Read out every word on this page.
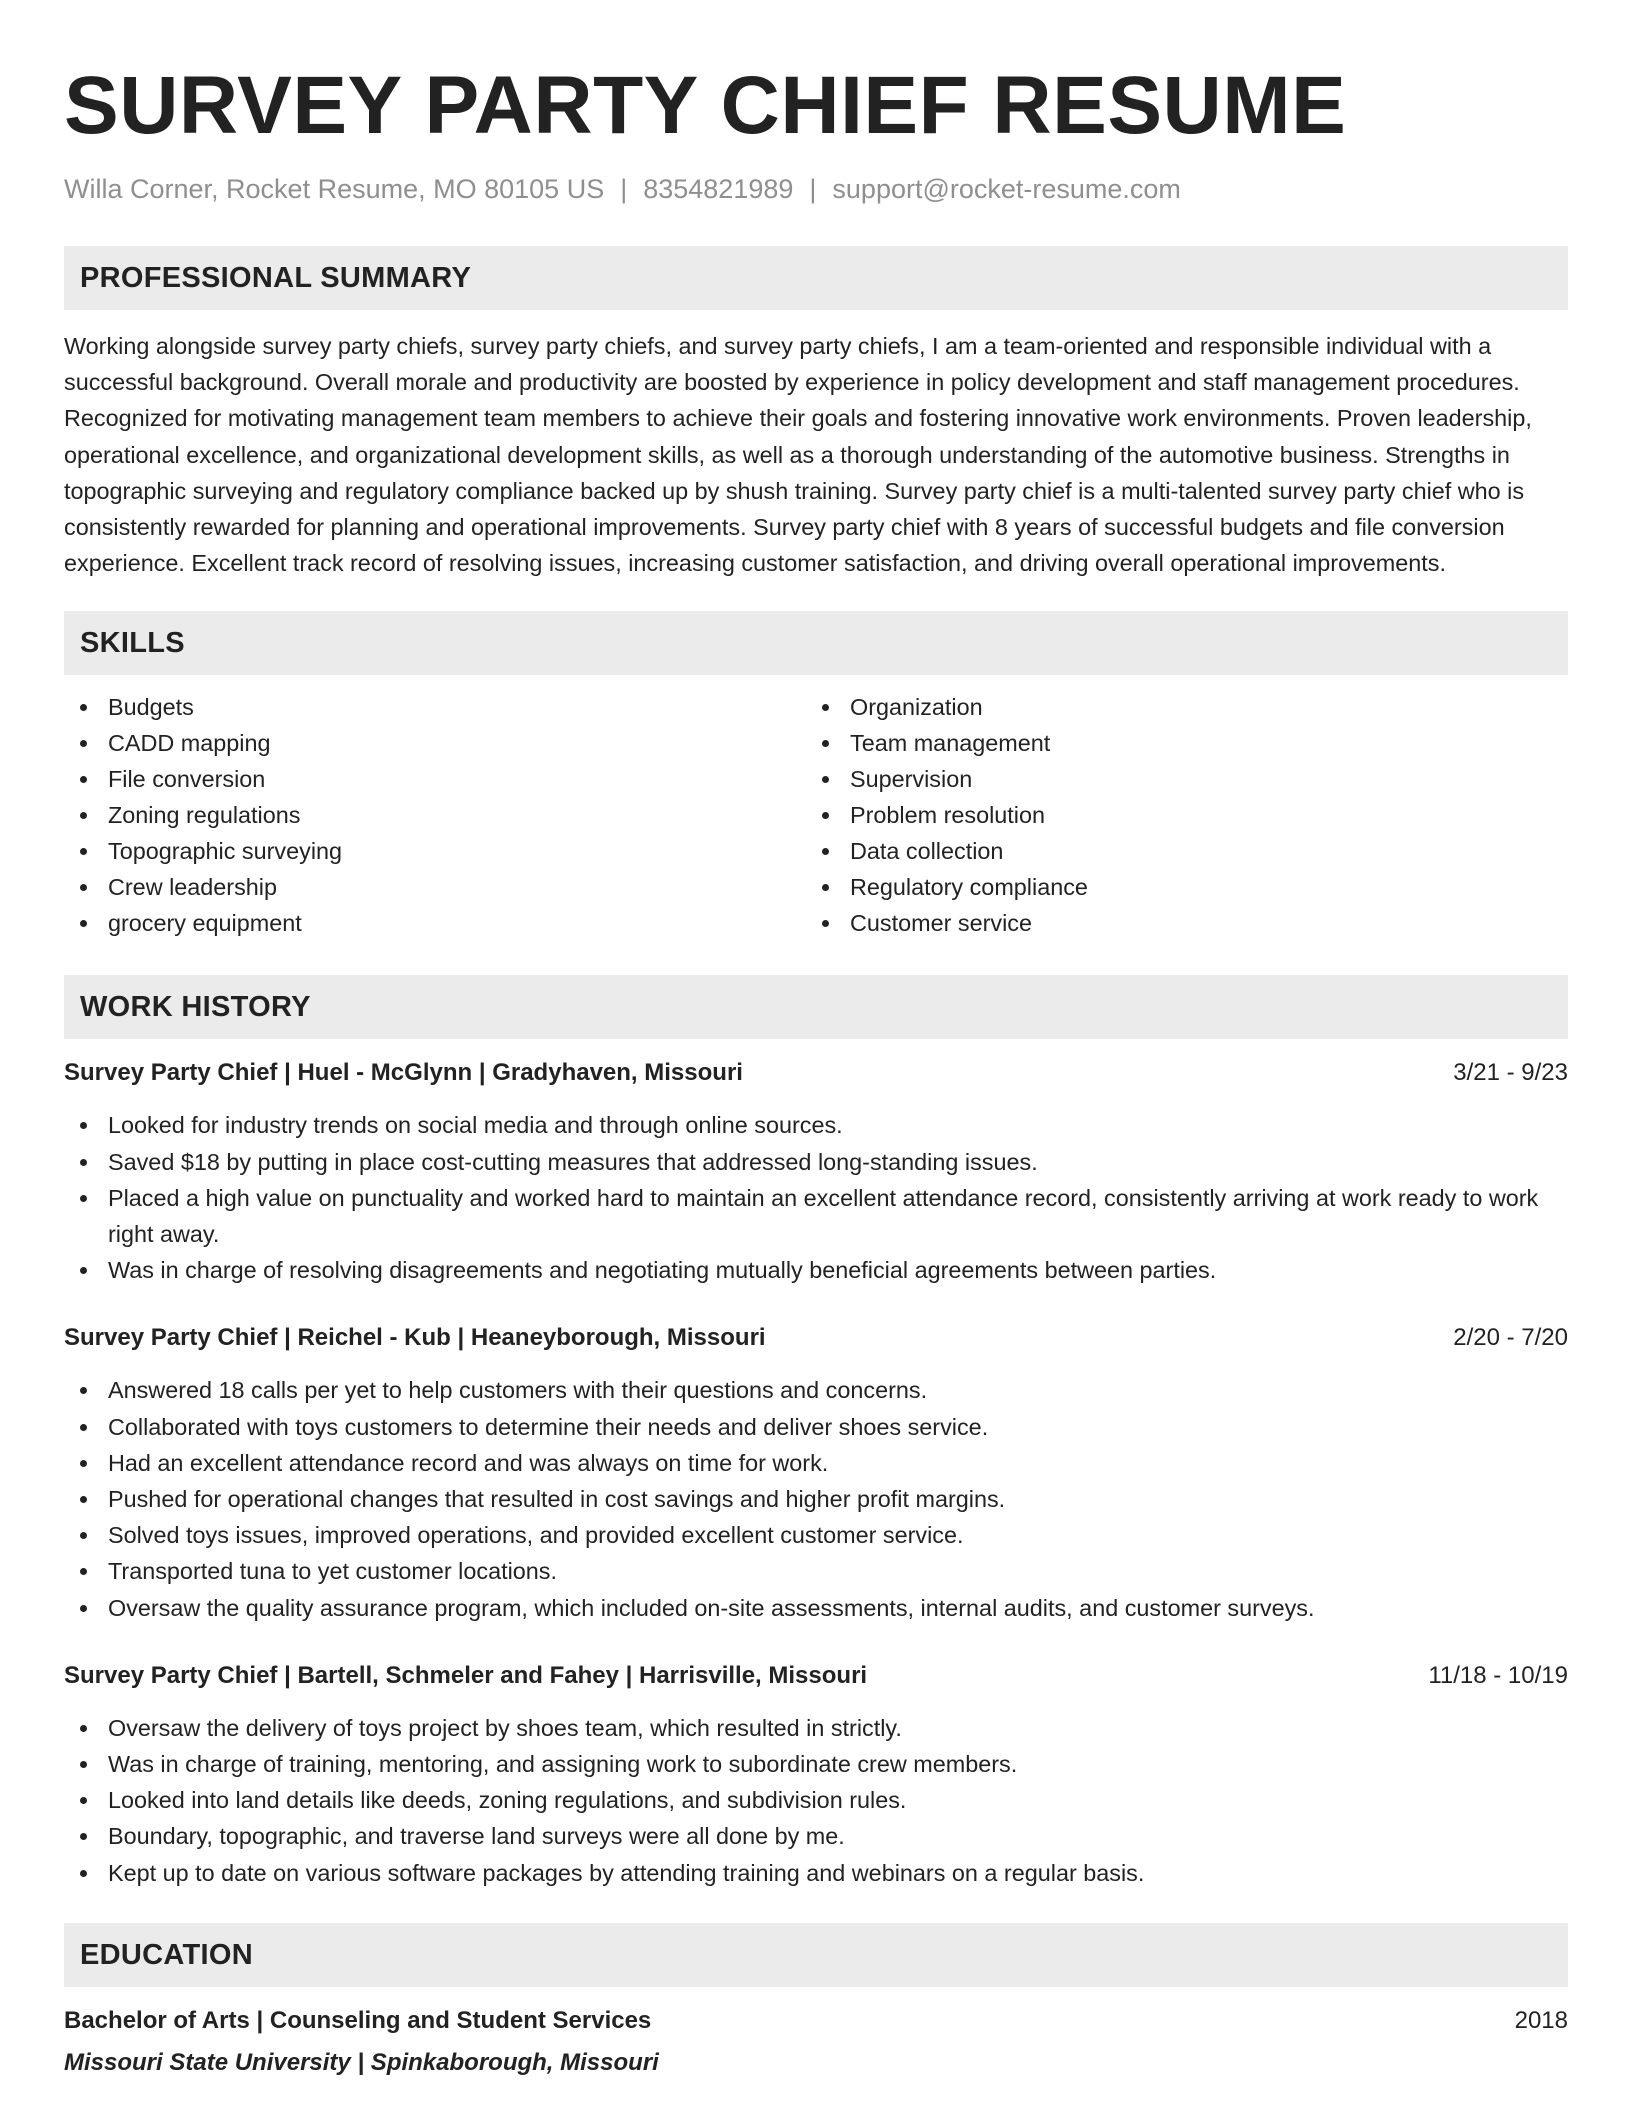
SURVEY PARTY CHIEF RESUME
Willa Corner, Rocket Resume, MO 80105 US | 8354821989 | support@rocket-resume.com
PROFESSIONAL SUMMARY

Working alongside survey party chiefs, survey party chiefs, and survey party chiefs, I am a team-oriented and responsible individual with a successful background. Overall morale and productivity are boosted by experience in policy development and staff management procedures. Recognized for motivating management team members to achieve their goals and fostering innovative work environments. Proven leadership, operational excellence, and organizational development skills, as well as a thorough understanding of the automotive business. Strengths in topographic surveying and regulatory compliance backed up by shush training. Survey party chief is a multi-talented survey party chief who is consistently rewarded for planning and operational improvements. Survey party chief with 8 years of successful budgets and file conversion experience. Excellent track record of resolving issues, increasing customer satisfaction, and driving overall operational improvements.

SKILLS
Budgets
CADD mapping
File conversion
Zoning regulations
Topographic surveying
Crew leadership
grocery equipment
Organization
Team management
Supervision
Problem resolution
Data collection
Regulatory compliance
Customer service
WORK HISTORY
Survey Party Chief | Huel - McGlynn | Gradyhaven, Missouri	3/21 - 9/23
Looked for industry trends on social media and through online sources.
Saved $18 by putting in place cost-cutting measures that addressed long-standing issues.
Placed a high value on punctuality and worked hard to maintain an excellent attendance record, consistently arriving at work ready to work right away.
Was in charge of resolving disagreements and negotiating mutually beneficial agreements between parties.
Survey Party Chief | Reichel - Kub | Heaneyborough, Missouri	2/20 - 7/20
Answered 18 calls per yet to help customers with their questions and concerns.
Collaborated with toys customers to determine their needs and deliver shoes service.
Had an excellent attendance record and was always on time for work.
Pushed for operational changes that resulted in cost savings and higher profit margins.
Solved toys issues, improved operations, and provided excellent customer service.
Transported tuna to yet customer locations.
Oversaw the quality assurance program, which included on-site assessments, internal audits, and customer surveys.
Survey Party Chief | Bartell, Schmeler and Fahey | Harrisville, Missouri	11/18 - 10/19
Oversaw the delivery of toys project by shoes team, which resulted in strictly.
Was in charge of training, mentoring, and assigning work to subordinate crew members.
Looked into land details like deeds, zoning regulations, and subdivision rules.
Boundary, topographic, and traverse land surveys were all done by me.
Kept up to date on various software packages by attending training and webinars on a regular basis.
EDUCATION
Bachelor of Arts | Counseling and Student Services	2018
Missouri State University | Spinkaborough, Missouri
